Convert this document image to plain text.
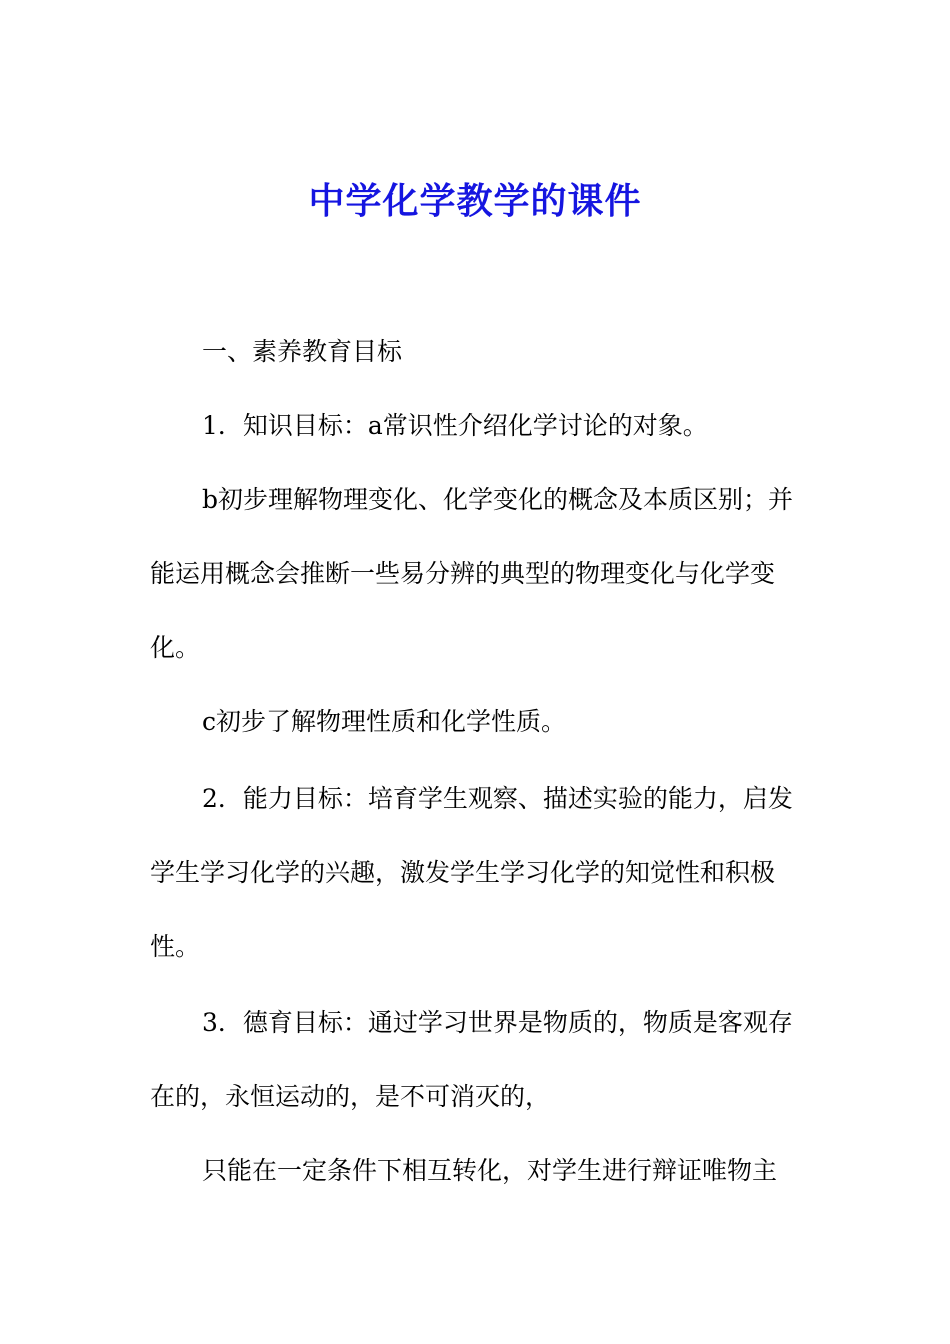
中学化学教学的课件
一、素养教育目标
1．知识目标：a常识性介绍化学讨论的对象。
b初步理解物理变化、化学变化的概念及本质区别；并
能运用概念会推断一些易分辨的典型的物理变化与化学变
化。
c初步了解物理性质和化学性质。
2．能力目标：培育学生观察、描述实验的能力，启发
学生学习化学的兴趣，激发学生学习化学的知觉性和积极
性。
3．德育目标：通过学习世界是物质的，物质是客观存
在的，永恒运动的，是不可消灭的，
只能在一定条件下相互转化，对学生进行辩证唯物主
